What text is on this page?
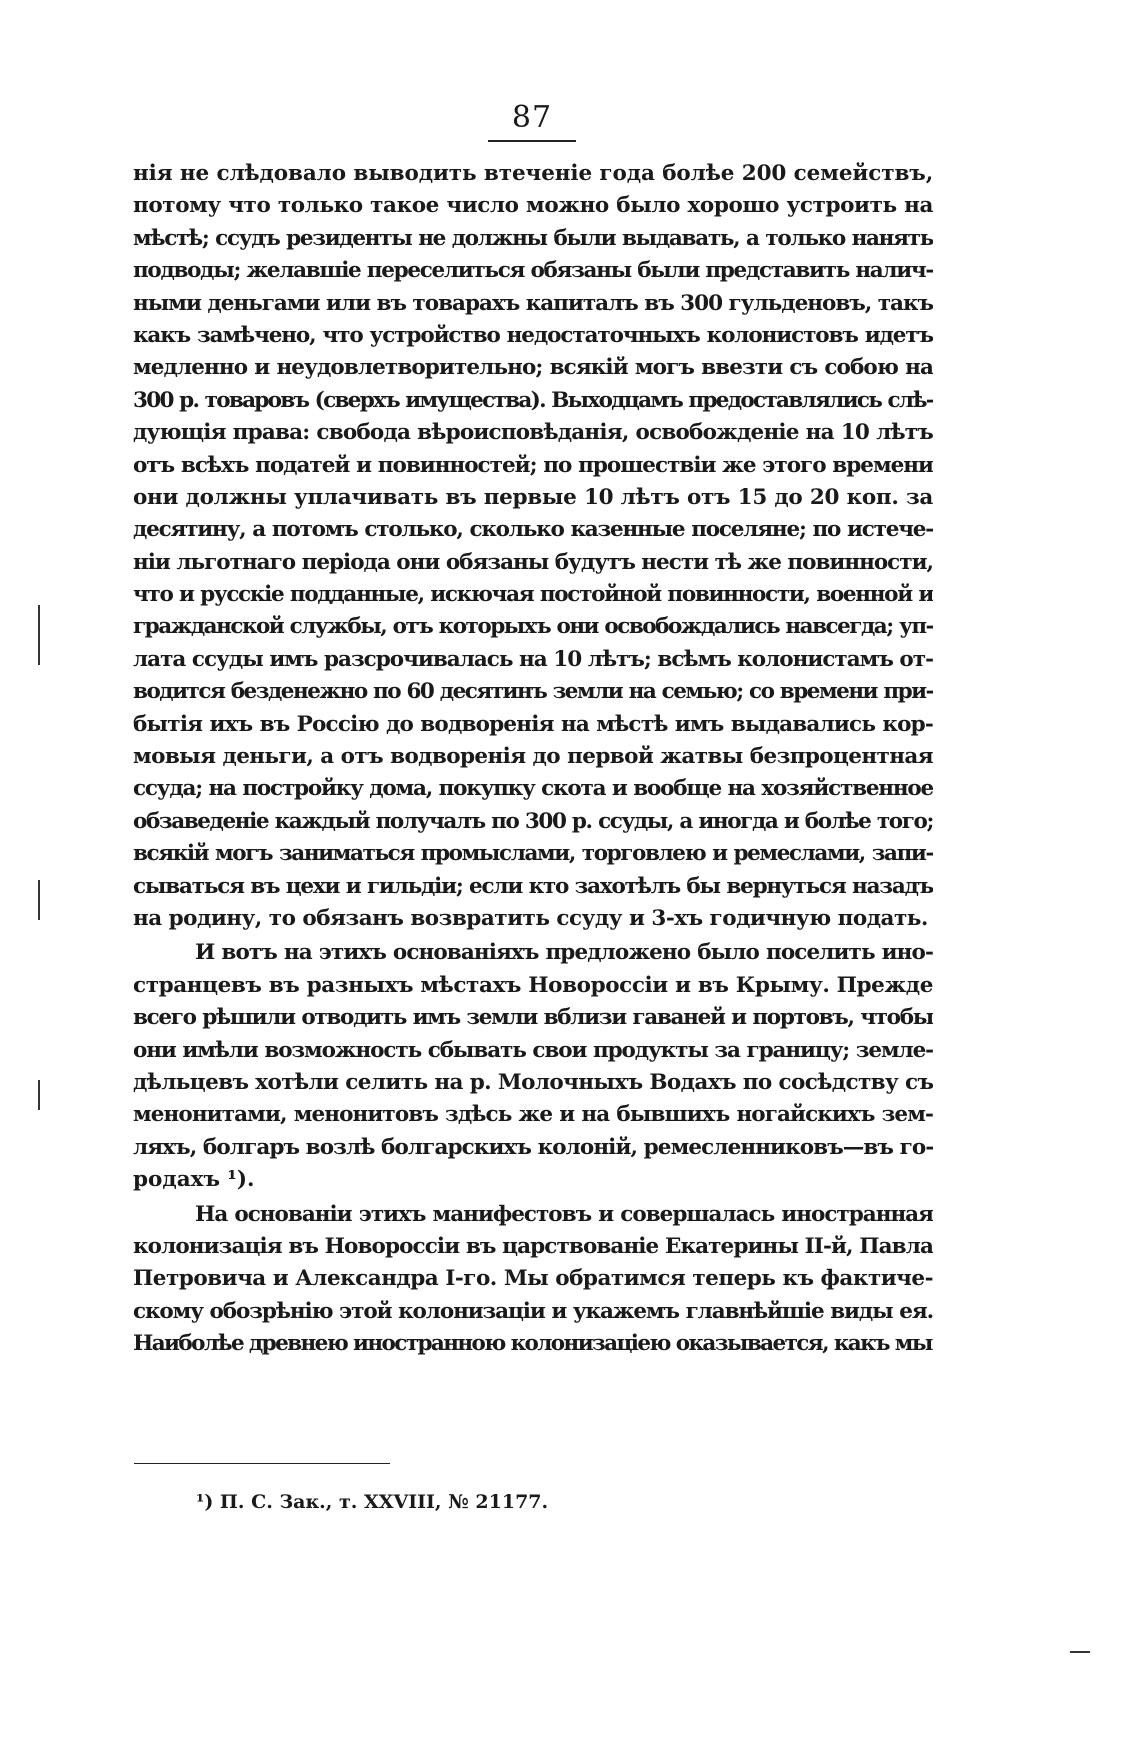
87
нія не слѣдовало выводить втеченіе года болѣе 200 семействъ,
потому что только такое число можно было хорошо устроить на
мѣстѣ; ссудъ резиденты не должны были выдавать, а только нанять
подводы; желавшіе переселиться обязаны были представить налич-
ными деньгами или въ товарахъ капиталъ въ 300 гульденовъ, такъ
какъ замѣчено, что устройство недостаточныхъ колонистовъ идетъ
медленно и неудовлетворительно; всякій могъ ввезти съ собою на
300 р. товаровъ (сверхъ имущества). Выходцамъ предоставлялись слѣ-
дующія права: свобода вѣроисповѣданія, освобожденіе на 10 лѣтъ
отъ всѣхъ податей и повинностей; по прошествіи же этого времени
они должны уплачивать въ первые 10 лѣтъ отъ 15 до 20 коп. за
десятину, а потомъ столько, сколько казенные поселяне; по истече-
ніи льготнаго періода они обязаны будутъ нести тѣ же повинности,
что и русскіе подданные, искючая постойной повинности, военной и
гражданской службы, отъ которыхъ они освобождались навсегда; уп-
лата ссуды имъ разсрочивалась на 10 лѣтъ; всѣмъ колонистамъ от-
водится безденежно по 60 десятинъ земли на семью; со времени при-
бытія ихъ въ Россію до водворенія на мѣстѣ имъ выдавались кор-
мовыя деньги, а отъ водворенія до первой жатвы безпроцентная
ссуда; на постройку дома, покупку скота и вообще на хозяйственное
обзаведеніе каждый получалъ по 300 р. ссуды, а иногда и болѣе того;
всякій могъ заниматься промыслами, торговлею и ремеслами, запи-
сываться въ цехи и гильдіи; если кто захотѣлъ бы вернуться назадъ
на родину, то обязанъ возвратить ссуду и 3-хъ годичную подать.
И вотъ на этихъ основаніяхъ предложено было поселить ино-
странцевъ въ разныхъ мѣстахъ Новороссіи и въ Крыму. Прежде
всего рѣшили отводить имъ земли вблизи гаваней и портовъ, чтобы
они имѣли возможность сбывать свои продукты за границу; земле-
дѣльцевъ хотѣли селить на р. Молочныхъ Водахъ по сосѣдству съ
менонитами, менонитовъ здѣсь же и на бывшихъ ногайскихъ зем-
ляхъ, болгаръ возлѣ болгарскихъ колоній, ремесленниковъ—въ го-
родахъ ¹).
На основаніи этихъ манифестовъ и совершалась иностранная
колонизація въ Новороссіи въ царствованіе Екатерины II-й, Павла
Петровича и Александра I-го. Мы обратимся теперь къ фактиче-
скому обозрѣнію этой колонизаціи и укажемъ главнѣйшіе виды ея.
Наиболѣе древнею иностранною колонизаціею оказывается, какъ мы
¹) П. С. Зак., т. XXVIII, № 21177.
